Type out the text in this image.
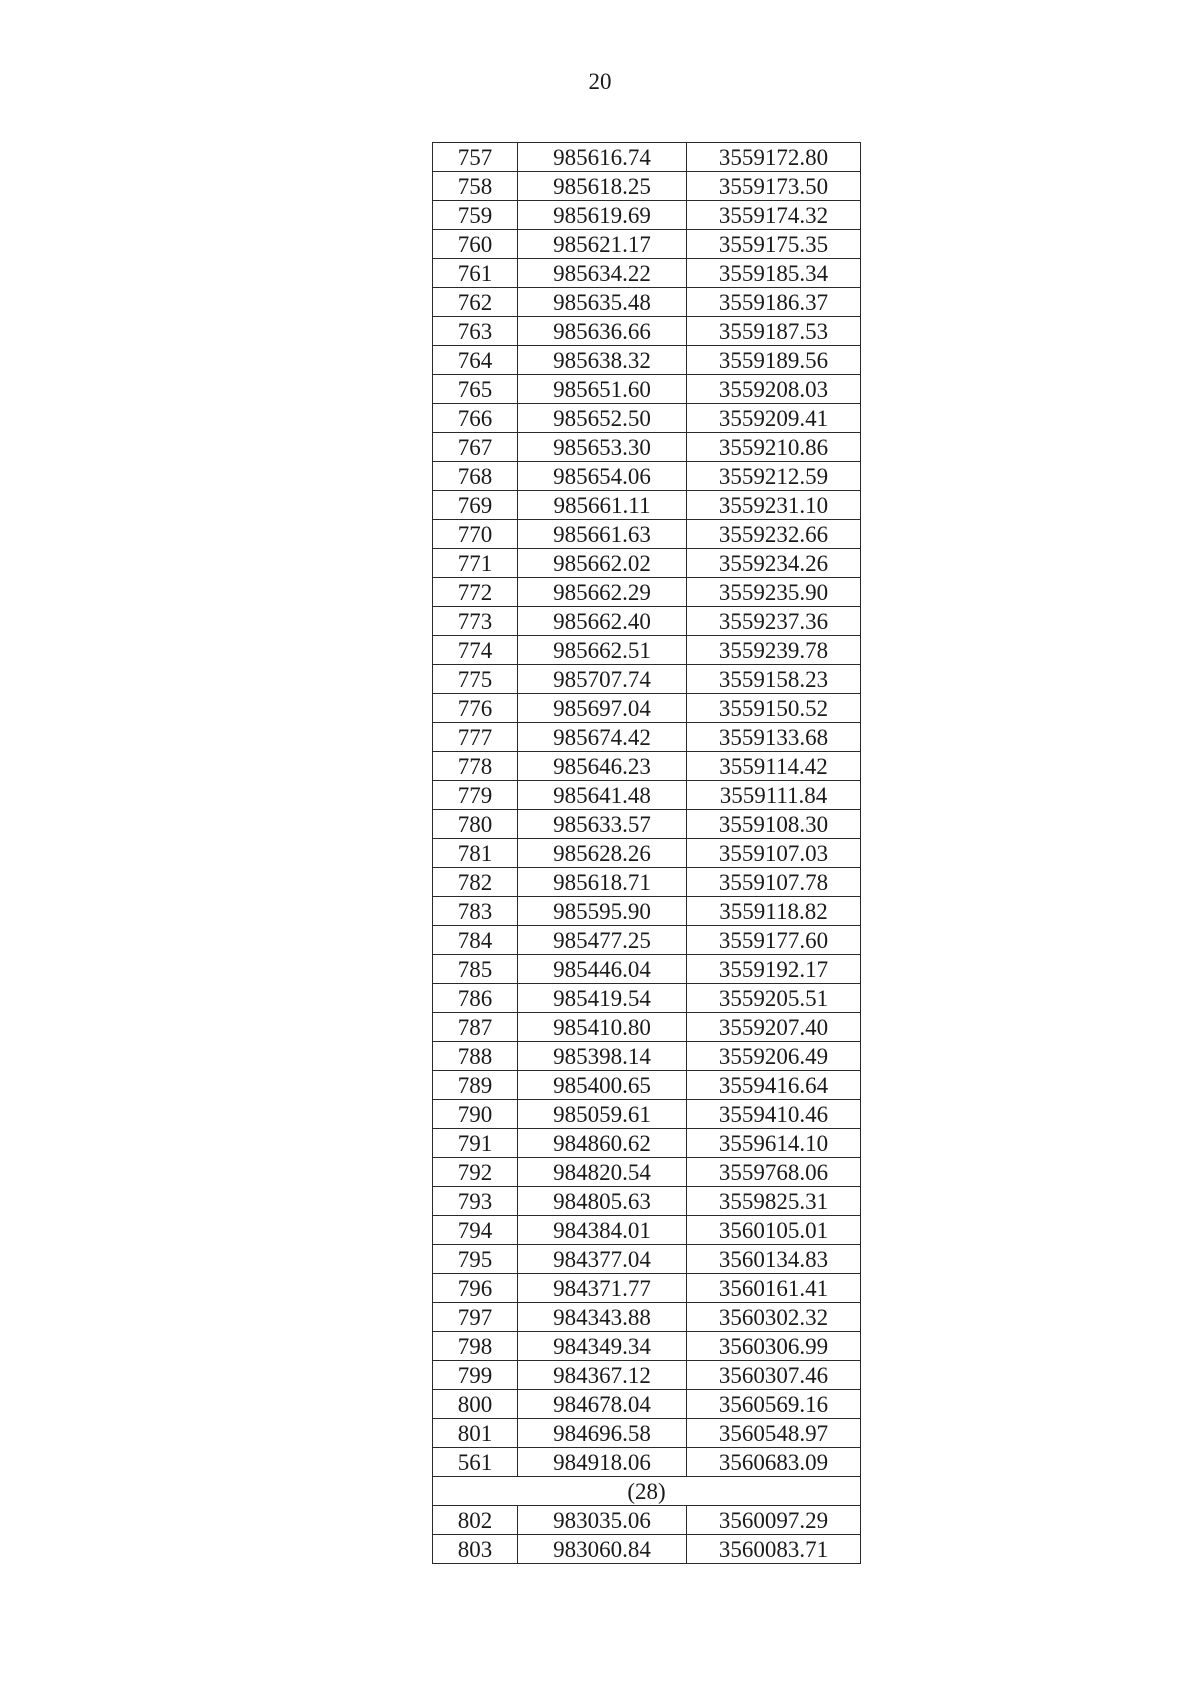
20
757	985616.74	3559172.80
758	985618.25	3559173.50
759	985619.69	3559174.32
760	985621.17	3559175.35
761	985634.22	3559185.34
762	985635.48	3559186.37
763	985636.66	3559187.53
764	985638.32	3559189.56
765	985651.60	3559208.03
766	985652.50	3559209.41
767	985653.30	3559210.86
768	985654.06	3559212.59
769	985661.11	3559231.10
770	985661.63	3559232.66
771	985662.02	3559234.26
772	985662.29	3559235.90
773	985662.40	3559237.36
774	985662.51	3559239.78
775	985707.74	3559158.23
776	985697.04	3559150.52
777	985674.42	3559133.68
778	985646.23	3559114.42
779	985641.48	3559111.84
780	985633.57	3559108.30
781	985628.26	3559107.03
782	985618.71	3559107.78
783	985595.90	3559118.82
784	985477.25	3559177.60
785	985446.04	3559192.17
786	985419.54	3559205.51
787	985410.80	3559207.40
788	985398.14	3559206.49
789	985400.65	3559416.64
790	985059.61	3559410.46
791	984860.62	3559614.10
792	984820.54	3559768.06
793	984805.63	3559825.31
794	984384.01	3560105.01
795	984377.04	3560134.83
796	984371.77	3560161.41
797	984343.88	3560302.32
798	984349.34	3560306.99
799	984367.12	3560307.46
800	984678.04	3560569.16
801	984696.58	3560548.97
561	984918.06	3560683.09
(28)		
802	983035.06	3560097.29
803	983060.84	3560083.71
